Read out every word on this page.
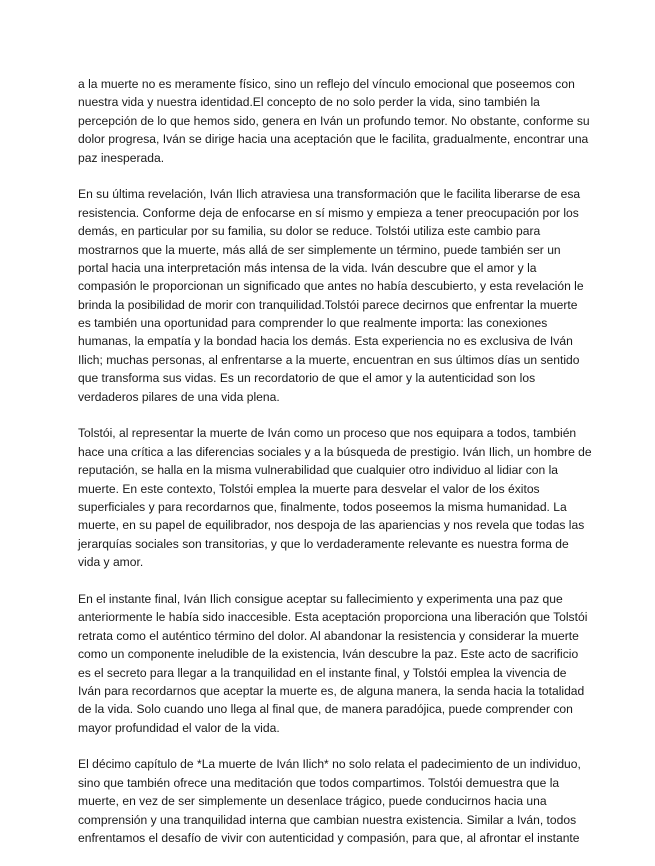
a la muerte no es meramente físico, sino un reflejo del vínculo emocional que poseemos con
nuestra vida y nuestra identidad.El concepto de no solo perder la vida, sino también la
percepción de lo que hemos sido, genera en Iván un profundo temor. No obstante, conforme su
dolor progresa, Iván se dirige hacia una aceptación que le facilita, gradualmente, encontrar una
paz inesperada.
En su última revelación, Iván Ilich atraviesa una transformación que le facilita liberarse de esa
resistencia. Conforme deja de enfocarse en sí mismo y empieza a tener preocupación por los
demás, en particular por su familia, su dolor se reduce. Tolstói utiliza este cambio para
mostrarnos que la muerte, más allá de ser simplemente un término, puede también ser un
portal hacia una interpretación más intensa de la vida. Iván descubre que el amor y la
compasión le proporcionan un significado que antes no había descubierto, y esta revelación le
brinda la posibilidad de morir con tranquilidad.Tolstói parece decirnos que enfrentar la muerte
es también una oportunidad para comprender lo que realmente importa: las conexiones
humanas, la empatía y la bondad hacia los demás. Esta experiencia no es exclusiva de Iván
Ilich; muchas personas, al enfrentarse a la muerte, encuentran en sus últimos días un sentido
que transforma sus vidas. Es un recordatorio de que el amor y la autenticidad son los
verdaderos pilares de una vida plena.
Tolstói, al representar la muerte de Iván como un proceso que nos equipara a todos, también
hace una crítica a las diferencias sociales y a la búsqueda de prestigio. Iván Ilich, un hombre de
reputación, se halla en la misma vulnerabilidad que cualquier otro individuo al lidiar con la
muerte. En este contexto, Tolstói emplea la muerte para desvelar el valor de los éxitos
superficiales y para recordarnos que, finalmente, todos poseemos la misma humanidad. La
muerte, en su papel de equilibrador, nos despoja de las apariencias y nos revela que todas las
jerarquías sociales son transitorias, y que lo verdaderamente relevante es nuestra forma de
vida y amor.
En el instante final, Iván Ilich consigue aceptar su fallecimiento y experimenta una paz que
anteriormente le había sido inaccesible. Esta aceptación proporciona una liberación que Tolstói
retrata como el auténtico término del dolor. Al abandonar la resistencia y considerar la muerte
como un componente ineludible de la existencia, Iván descubre la paz. Este acto de sacrificio
es el secreto para llegar a la tranquilidad en el instante final, y Tolstói emplea la vivencia de
Iván para recordarnos que aceptar la muerte es, de alguna manera, la senda hacia la totalidad
de la vida. Solo cuando uno llega al final que, de manera paradójica, puede comprender con
mayor profundidad el valor de la vida.
El décimo capítulo de *La muerte de Iván Ilich* no solo relata el padecimiento de un individuo,
sino que también ofrece una meditación que todos compartimos. Tolstói demuestra que la
muerte, en vez de ser simplemente un desenlace trágico, puede conducirnos hacia una
comprensión y una tranquilidad interna que cambian nuestra existencia. Similar a Iván, todos
enfrentamos el desafío de vivir con autenticidad y compasión, para que, al afrontar el instante
